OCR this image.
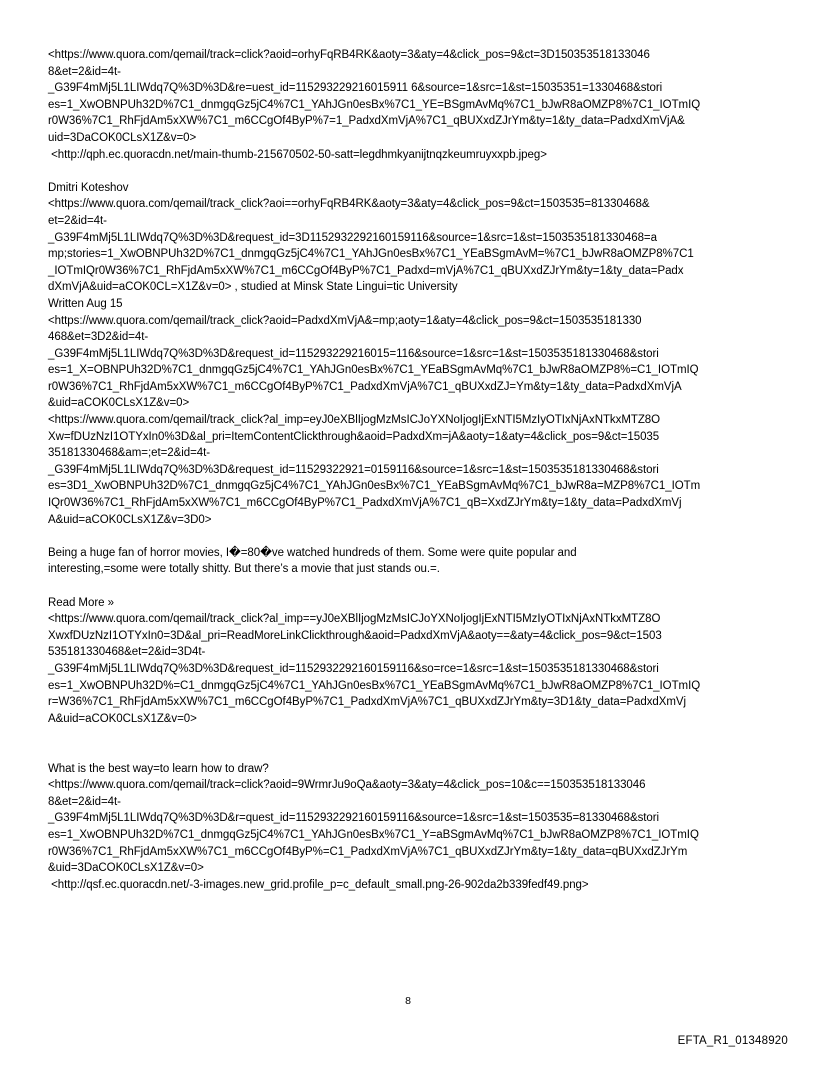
<https://www.quora.com/qemail/track=click?aoid=orhyFqRB4RK&aoty=3&aty=4&click_pos=9&ct=3D150353518133046
8&et=2&id=4t-
_G39F4mMj5L1LIWdq7Q%3D%3D&re=uest_id=115293229216015911 6&source=1&src=1&st=15035351=1330468&stori
es=1_XwOBNPUh32D%7C1_dnmgqGz5jC4%7C1_YAhJGn0esBx%7C1_YE=BSgmAvMq%7C1_bJwR8aOMZP8%7C1_IOTmIQ
r0W36%7C1_RhFjdAm5xXW%7C1_m6CCgOf4ByP%7=1_PadxdXmVjA%7C1_qBUXxdZJrYm&ty=1&ty_data=PadxdXmVjA&
uid=3DaCOK0CLsX1Z&v=0>
<http://qph.ec.quoracdn.net/main-thumb-215670502-50-satt=legdhmkyanijtnqzkeumruyxxpb.jpeg>
Dmitri Koteshov
<https://www.quora.com/qemail/track_click?aoi==orhyFqRB4RK&aoty=3&aty=4&click_pos=9&ct=1503535=81330468&
et=2&id=4t-
_G39F4mMj5L1LIWdq7Q%3D%3D&request_id=3D1152932292160159116&source=1&src=1&st=1503535181330468=a
mp;stories=1_XwOBNPUh32D%7C1_dnmgqGz5jC4%7C1_YAhJGn0esBx%7C1_YEaBSgmAvM=%7C1_bJwR8aOMZP8%7C1
_IOTmIQr0W36%7C1_RhFjdAm5xXW%7C1_m6CCgOf4ByP%7C1_Padxd=mVjA%7C1_qBUXxdZJrYm&ty=1&ty_data=Padx
dXmVjA&uid=aCOK0CL=X1Z&v=0> , studied at Minsk State Lingui=tic University
Written Aug 15
<https://www.quora.com/qemail/track_click?aoid=PadxdXmVjA&=mp;aoty=1&aty=4&click_pos=9&ct=1503535181330
468&et=3D2&id=4t-
_G39F4mMj5L1LIWdq7Q%3D%3D&request_id=115293229216015=116&source=1&src=1&st=1503535181330468&stori
es=1_X=OBNPUh32D%7C1_dnmgqGz5jC4%7C1_YAhJGn0esBx%7C1_YEaBSgmAvMq%7C1_bJwR8aOMZP8%=C1_IOTmIQ
r0W36%7C1_RhFjdAm5xXW%7C1_m6CCgOf4ByP%7C1_PadxdXmVjA%7C1_qBUXxdZJ=Ym&ty=1&ty_data=PadxdXmVjA
&uid=aCOK0CLsX1Z&v=0>
<https://www.quora.com/qemail/track_click?al_imp=eyJ0eXBlIjogMzMsICJoYXNoIjogIjExNTI5MzIyOTIxNjAxNTkxMTZ8O
Xw=fDUzNzI1OTYxIn0%3D&al_pri=ItemContentClickthrough&aoid=PadxdXm=jA&aoty=1&aty=4&click_pos=9&ct=15035
35181330468&am=;et=2&id=4t-
_G39F4mMj5L1LIWdq7Q%3D%3D&request_id=11529322921=0159116&source=1&src=1&st=1503535181330468&stori
es=3D1_XwOBNPUh32D%7C1_dnmgqGz5jC4%7C1_YAhJGn0esBx%7C1_YEaBSgmAvMq%7C1_bJwR8a=MZP8%7C1_IOTm
IQr0W36%7C1_RhFjdAm5xXW%7C1_m6CCgOf4ByP%7C1_PadxdXmVjA%7C1_qB=XxdZJrYm&ty=1&ty_data=PadxdXmVj
A&uid=aCOK0CLsX1Z&v=3D0>
Being a huge fan of horror movies, I�=80�ve watched hundreds of them. Some were quite popular and
interesting,=some were totally shitty. But there’s a movie that just stands ou.=.
Read More »
<https://www.quora.com/qemail/track_click?al_imp==yJ0eXBlIjogMzMsICJoYXNoIjogIjExNTI5MzIyOTIxNjAxNTkxMTZ8O
XwxfDUzNzI1OTYxIn0=3D&al_pri=ReadMoreLinkClickthrough&aoid=PadxdXmVjA&aoty==&aty=4&click_pos=9&ct=1503
535181330468&et=2&id=3D4t-
_G39F4mMj5L1LIWdq7Q%3D%3D&request_id=1152932292160159116&so=rce=1&src=1&st=1503535181330468&stori
es=1_XwOBNPUh32D%=C1_dnmgqGz5jC4%7C1_YAhJGn0esBx%7C1_YEaBSgmAvMq%7C1_bJwR8aOMZP8%7C1_IOTmIQ
r=W36%7C1_RhFjdAm5xXW%7C1_m6CCgOf4ByP%7C1_PadxdXmVjA%7C1_qBUXxdZJrYm&ty=3D1&ty_data=PadxdXmVj
A&uid=aCOK0CLsX1Z&v=0>
What is the best way=to learn how to draw?
<https://www.quora.com/qemail/track=click?aoid=9WrmrJu9oQa&aoty=3&aty=4&click_pos=10&c==150353518133046
8&et=2&id=4t-
_G39F4mMj5L1LIWdq7Q%3D%3D&r=quest_id=1152932292160159116&source=1&src=1&st=1503535=81330468&stori
es=1_XwOBNPUh32D%7C1_dnmgqGz5jC4%7C1_YAhJGn0esBx%7C1_Y=aBSgmAvMq%7C1_bJwR8aOMZP8%7C1_IOTmIQ
r0W36%7C1_RhFjdAm5xXW%7C1_m6CCgOf4ByP%=C1_PadxdXmVjA%7C1_qBUXxdZJrYm&ty=1&ty_data=qBUXxdZJrYm
&uid=3DaCOK0CLsX1Z&v=0>
<http://qsf.ec.quoracdn.net/-3-images.new_grid.profile_p=c_default_small.png-26-902da2b339fedf49.png>
8
EFTA_R1_01348920
